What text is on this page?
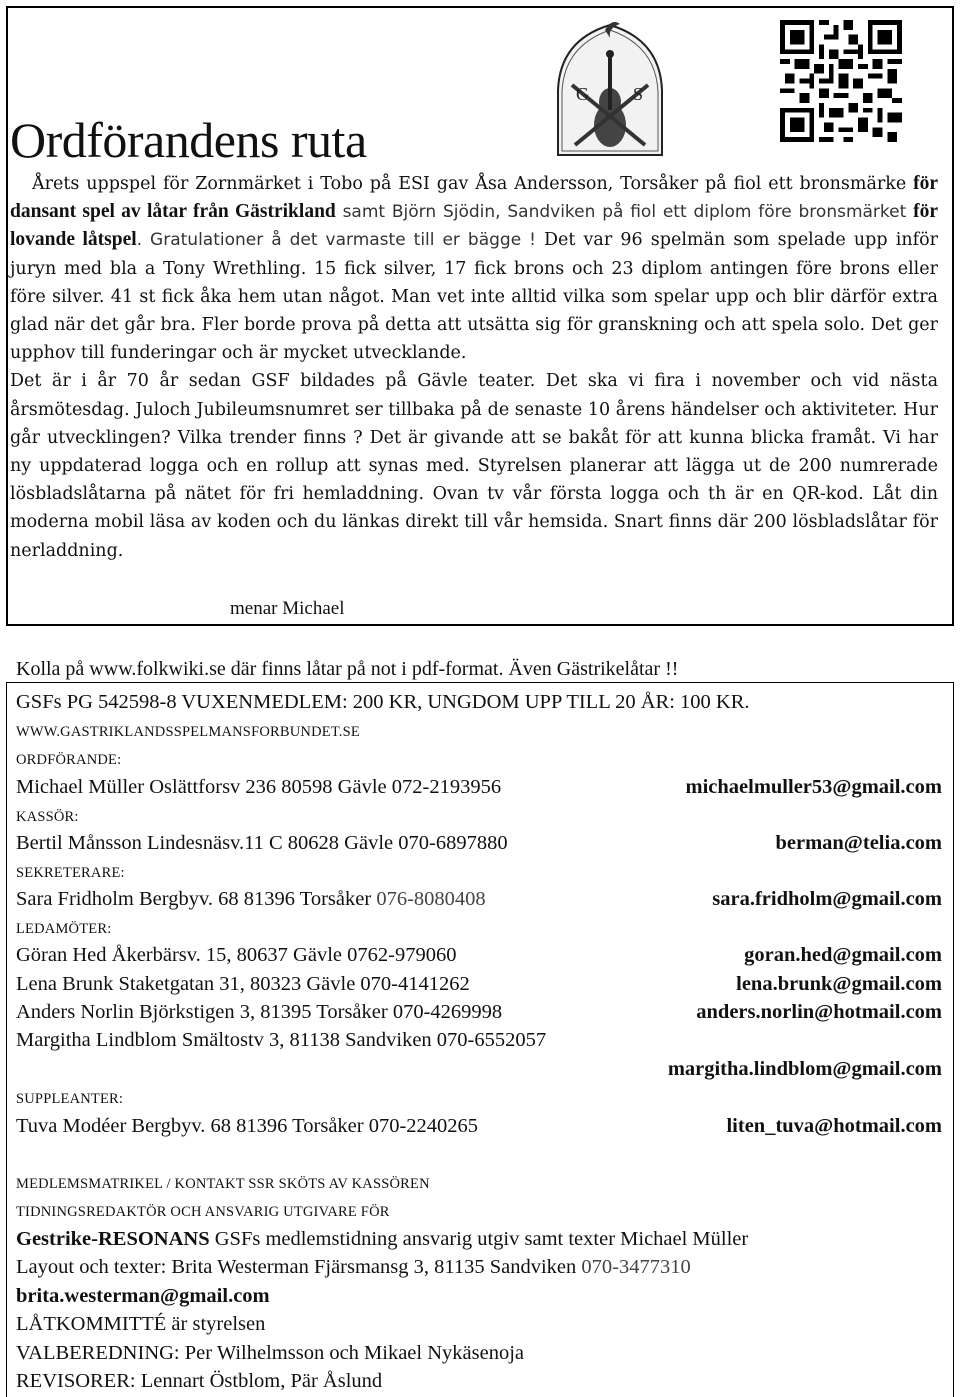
Ordförandens ruta
G S
Årets uppspel för Zornmärket i Tobo på ESI gav Åsa Andersson, Torsåker på fiol ett bronsmärke för dansant spel av låtar från Gästrikland samt Björn Sjödin, Sandviken på fiol ett diplom före bronsmärket för lovande låtspel. Gratulationer å det varmaste till er bägge ! Det var 96 spelmän som spelade upp inför juryn med bla a Tony Wrethling. 15 fick silver, 17 fick brons och 23 diplom antingen före brons eller före silver. 41 st fick åka hem utan något. Man vet inte alltid vilka som spelar upp och blir därför extra glad när det går bra. Fler borde prova på detta att utsätta sig för granskning och att spela solo. Det ger upphov till funderingar och är mycket utvecklande.
Det är i år 70 år sedan GSF bildades på Gävle teater. Det ska vi fira i november och vid nästa årsmötesdag. Juloch Jubileumsnumret ser tillbaka på de senaste 10 årens händelser och aktiviteter. Hur går utvecklingen? Vilka trender finns ? Det är givande att se bakåt för att kunna blicka framåt. Vi har ny uppdaterad logga och en rollup att synas med. Styrelsen planerar att lägga ut de 200 numrerade lösbladslåtarna på nätet för fri hemladdning. Ovan tv vår första logga och th är en QR-kod. Låt din moderna mobil läsa av koden och du länkas direkt till vår hemsida. Snart finns där 200 lösbladslåtar för nerladdning.
menar Michael
Kolla på www.folkwiki.se där finns låtar på not i pdf-format. Även Gästrikelåtar !!
GSFs PG 542598-8 VUXENMEDLEM: 200 KR, UNGDOM UPP TILL 20 ÅR: 100 KR.
WWW.GASTRIKLANDSSPELMANSFORBUNDET.SE
ORDFÖRANDE:
Michael Müller Oslättforsv 236 80598 Gävle 072-2193956	michaelmuller53@gmail.com
KASSÖR:
Bertil Månsson Lindesnäsv.11 C 80628 Gävle 070-6897880	berman@telia.com
SEKRETERARE:
Sara Fridholm Bergbyv. 68 81396 Torsåker 076-8080408	sara.fridholm@gmail.com
LEDAMÖTER:
Göran Hed Åkerbärsv. 15, 80637 Gävle 0762-979060	goran.hed@gmail.com
Lena Brunk Staketgatan 31, 80323 Gävle 070-4141262	lena.brunk@gmail.com
Anders Norlin Björkstigen 3, 81395 Torsåker 070-4269998	anders.norlin@hotmail.com
Margitha Lindblom Smältostv 3, 81138 Sandviken 070-6552057
margitha.lindblom@gmail.com
SUPPLEANTER:
Tuva Modéer Bergbyv. 68 81396 Torsåker 070-2240265	liten_tuva@hotmail.com
MEDLEMSMATRIKEL / KONTAKT SSR SKÖTS AV KASSÖREN
TIDNINGSREDAKTÖR OCH ANSVARIG UTGIVARE FÖR
Gestrike-RESONANS GSFs medlemstidning ansvarig utgiv samt texter Michael Müller
Layout och texter: Brita Westerman Fjärsmansg 3, 81135 Sandviken 070-3477310
brita.westerman@gmail.com
LÅTKOMMITTÉ är styrelsen
VALBEREDNING: Per Wilhelmsson och Mikael Nykäsenoja
REVISORER: Lennart Östblom, Pär Åslund
